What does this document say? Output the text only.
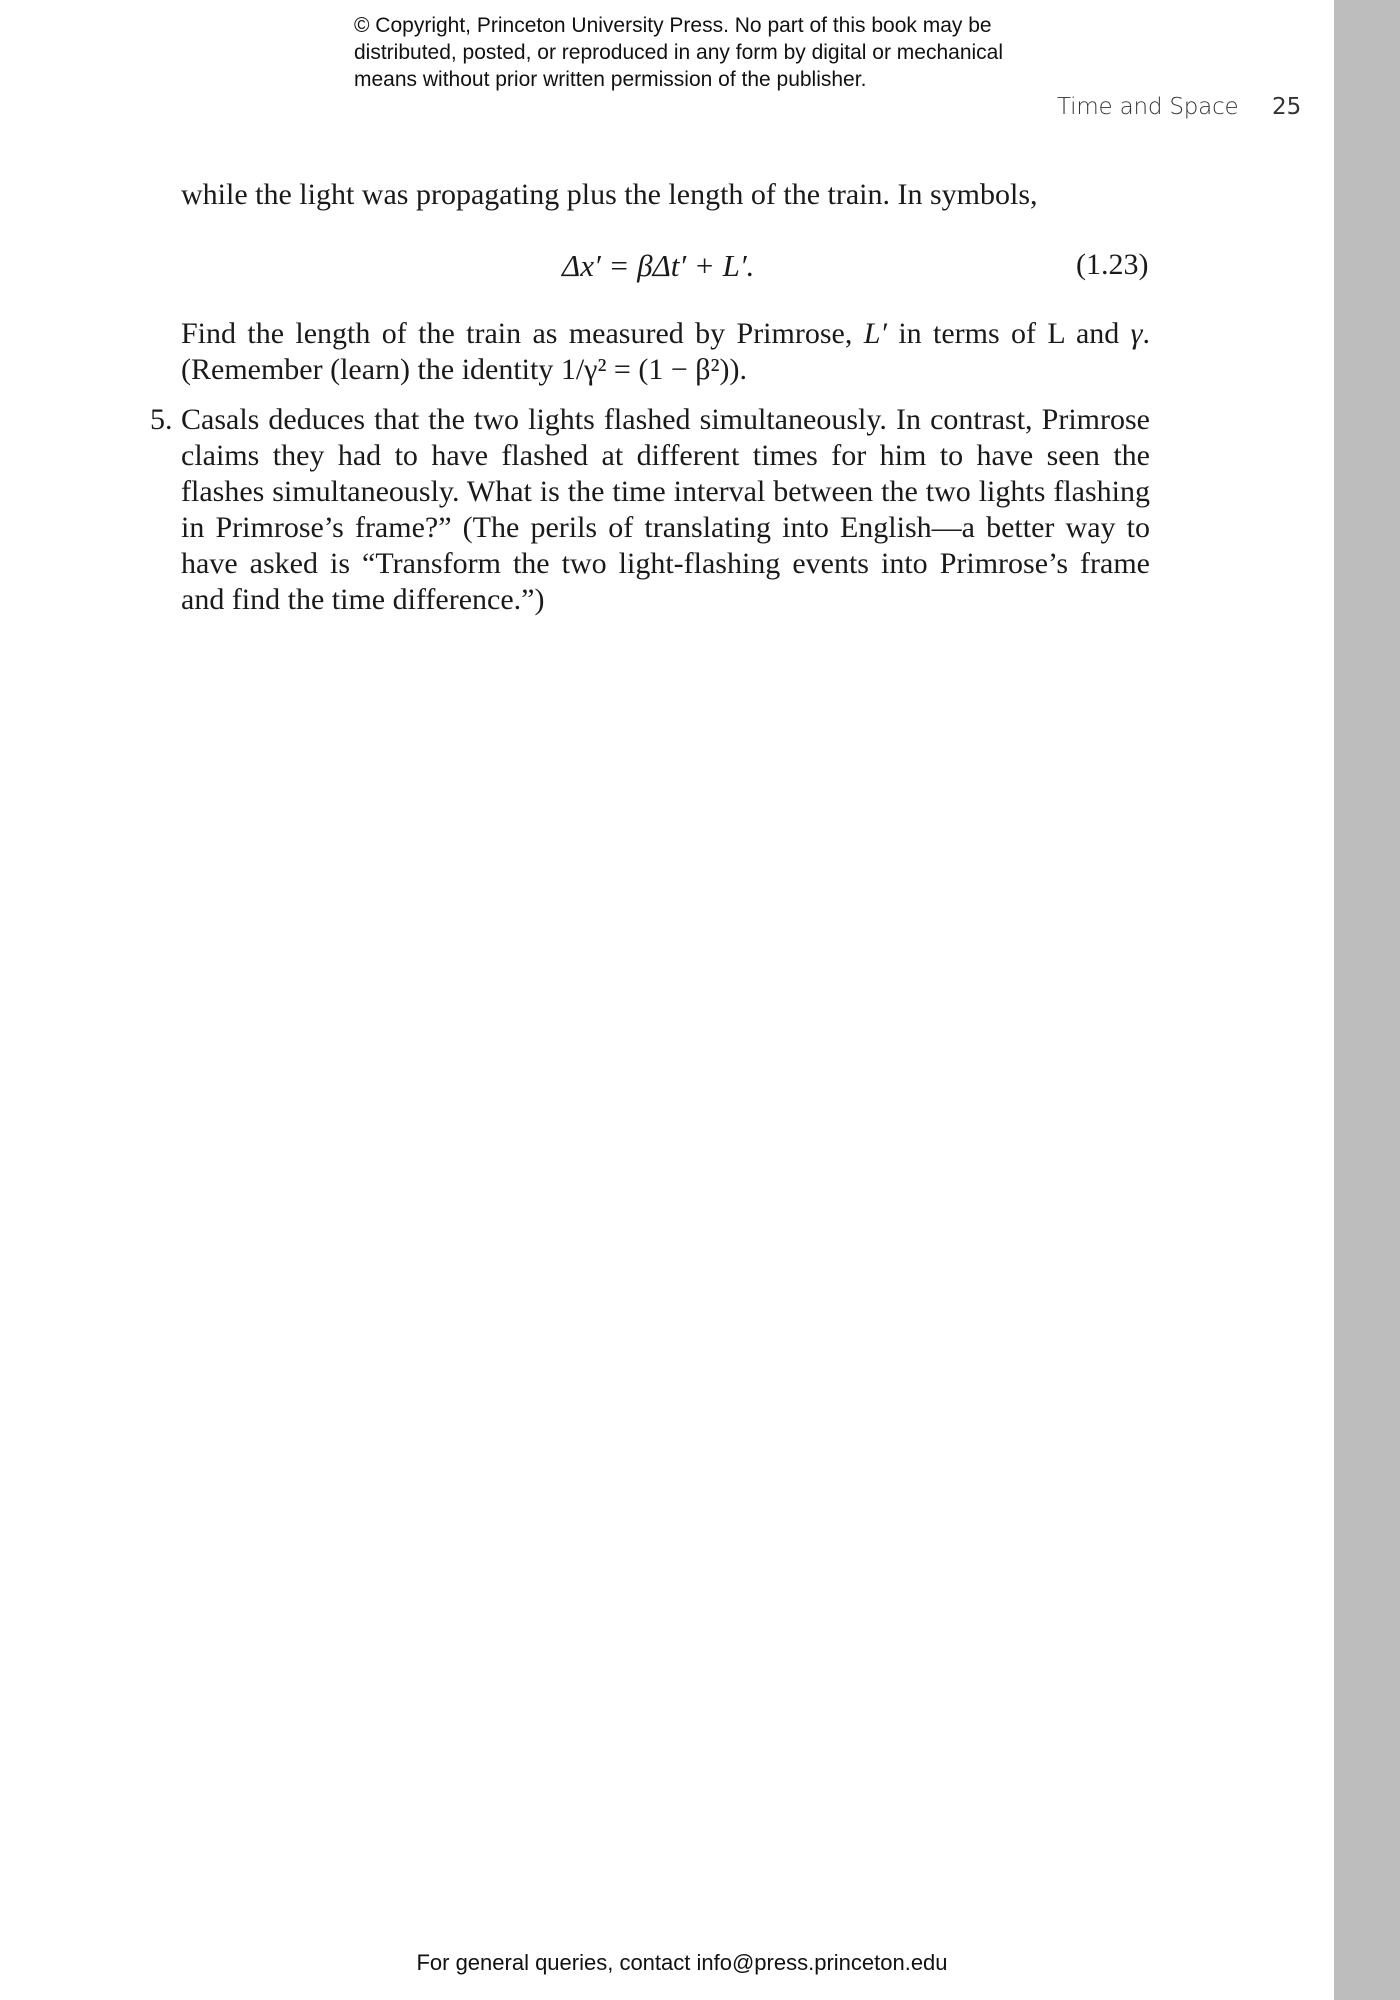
© Copyright, Princeton University Press. No part of this book may be
distributed, posted, or reproduced in any form by digital or mechanical
means without prior written permission of the publisher.
Time and Space 25
while the light was propagating plus the length of the train. In symbols,
Δx′ = βΔt′ + L′.	(1.23)
Find the length of the train as measured by Primrose, L′ in terms of L and γ.
(Remember (learn) the identity 1/γ² = (1 − β²)).
5. Casals deduces that the two lights flashed simultaneously. In contrast, Primrose claims they had to have flashed at different times for him to have seen the flashes simultaneously. What is the time interval between the two lights flashing in Primrose’s frame?” (The perils of translating into English—a better way to have asked is “Transform the two light-flashing events into Primrose’s frame and find the time difference.”)
For general queries, contact info@press.princeton.edu
